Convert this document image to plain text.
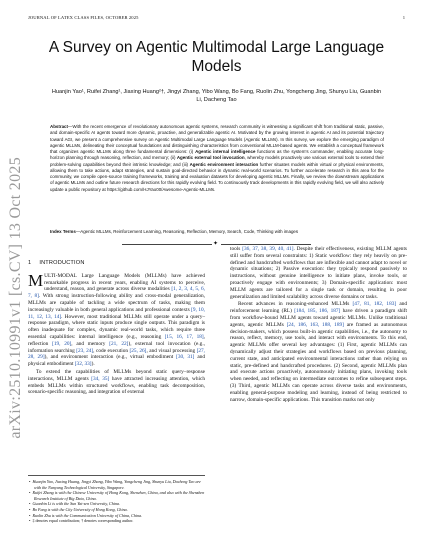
JOURNAL OF LATEX CLASS FILES, OCTOBER 2025	1
arXiv:2510.10991v1 [cs.CV] 13 Oct 2025
A Survey on Agentic Multimodal Large Language Models
Huanjin Yao¹, Ruifei Zhang¹, Jiaxing Huang²†, Jingyi Zhang, Yibo Wang, Bo Fang, Ruolin Zhu, Yongcheng Jing, Shunyu Liu, Guanbin Li, Dacheng Tao
Abstract—With the recent emergence of revolutionary autonomous agentic systems, research community is witnessing a significant shift from traditional static, passive, and domain-specific AI agents toward more dynamic, proactive, and generalizable agentic AI. Motivated by the growing interest in agentic AI and its potential trajectory toward AGI, we present a comprehensive survey on Agentic Multimodal Large Language Models (Agentic MLLMs). In this survey, we explore the emerging paradigm of agentic MLLMs, delineating their conceptual foundations and distinguishing characteristics from conventional MLLM-based agents. We establish a conceptual framework that organizes agentic MLLMs along three fundamental dimensions: (i) Agentic internal intelligence functions as the system's commander, enabling accurate long-horizon planning through reasoning, reflection, and memory; (ii) Agentic external tool invocation, whereby models proactively use various external tools to extend their problem-solving capabilities beyond their intrinsic knowledge; and (iii) Agentic environment interaction further situates models within virtual or physical environments, allowing them to take actions, adapt strategies, and sustain goal-directed behavior in dynamic real-world scenarios. To further accelerate research in this area for the community, we compile open-source training frameworks, training and evaluation datasets for developing agentic MLLMs. Finally, we review the downstream applications of agentic MLLMs and outline future research directions for this rapidly evolving field. To continuously track developments in this rapidly evolving field, we will also actively update a public repository at https://github.com/HJYao00/Awesome-Agentic-MLLMs.
Index Terms—Agentic MLLMs, Reinforcement Learning, Reasoning, Reflection, Memory, Search, Code, Thinking with images
✦
1 INTRODUCTION

MULTI-MODAL Large Language Models (MLLMs) have achieved remarkable progress in recent years, enabling AI systems to perceive, understand, reason, and generate across diverse modalities [1, 2, 3, 4, 5, 6, 7, 8]. With strong instruction-following ability and cross-modal generalization, MLLMs are capable of tackling a wide spectrum of tasks, making them increasingly valuable in both general applications and professional contexts [9, 10, 11, 12, 13, 14]. However, most traditional MLLMs still operate under a query–response paradigm, where static inputs produce single outputs. This paradigm is often inadequate for complex, dynamic real-world tasks, which require three essential capabilities: internal intelligence (e.g., reasoning [15, 16, 17, 18], reflection [19, 20], and memory [21, 22]), external tool invocation (e.g., information searching [23, 24], code execution [25, 26], and visual processing [27, 28, 29]), and environment interaction (e.g., virtual embodiment [30, 31] and physical embodiment [32, 33]).

To extend the capabilities of MLLMs beyond static query–response interactions, MLLM agents [34, 35] have attracted increasing attention, which embeds MLLMs within structured workflows, enabling task decomposition, scenario-specific reasoning, and integration of external

tools [36, 37, 38, 39, 40, 41]. Despite their effectiveness, existing MLLM agents still suffer from several constraints: 1) Static workflow: they rely heavily on pre-defined and handcrafted workflows that are inflexible and cannot adapt to novel or dynamic situations; 2) Passive execution: they typically respond passively to instructions, without genuine intelligence to initiate plans, invoke tools, or proactively engage with environments; 3) Domain-specific application: most MLLM agents are tailored for a single task or domain, resulting in poor generalization and limited scalability across diverse domains or tasks.

Recent advances in reasoning-enhanced MLLMs [47, 81, 182, 183] and reinforcement learning (RL) [184, 185, 186, 187] have driven a paradigm shift from workflow-bound MLLM agents toward agentic MLLMs. Unlike traditional agents, agentic MLLMs [24, 186, 163, 188, 189] are framed as autonomous decision-makers, which possess built-in agentic capabilities, i.e., the autonomy to reason, reflect, memory, use tools, and interact with environments. To this end, agentic MLLMs offer several key advantages: (1) First, agentic MLLMs can dynamically adjust their strategies and workflows based on previous planning, current state, and anticipated environmental interactions rather than relying on static, pre-defined and handcrafted procedures. (2) Second, agentic MLLMs plan and execute actions proactively, autonomously initiating plans, invoking tools when needed, and reflecting on intermediate outcomes to refine subsequent steps. (3) Third, agentic MLLMs can operate across diverse tasks and environments, enabling general-purpose modeling and learning, instead of being restricted to narrow, domain-specific applications. This transition marks not only

• Huanjin Yao, Jiaxing Huang, Jingyi Zhang, Yibo Wang, Yongcheng Jing, Shunyu Liu, Dacheng Tao are with the Nanyang Technological University, Singapore.
• Ruifei Zhang is with the Chinese University of Hong Kong, Shenzhen, China, and also with the Shenzhen Research Institute of Big Data, China.
• Guanbin Li is with the Sun Yat-sen University, China.
• Bo Fang is with the City University of Hong Kong, China.
• Ruolin Zhu is with the Communication University of China, China.
• ‡ denotes equal contribution; † denotes corresponding author.
